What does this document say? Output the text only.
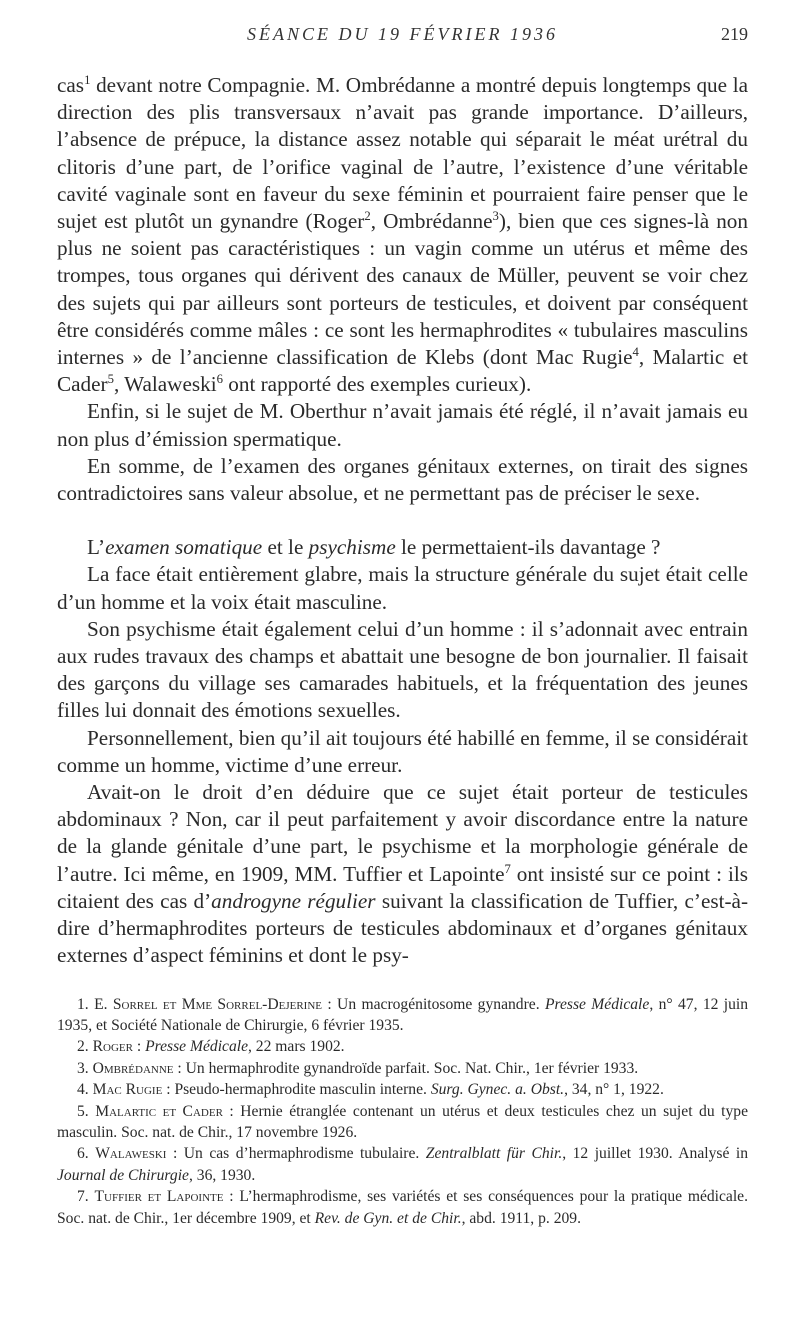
SÉANCE DU 19 FÉVRIER 1936	219

cas$^1$ devant notre Compagnie. M. Ombrédanne a montré depuis longtemps que la direction des plis transversaux n’avait pas grande importance. D’ailleurs, l’absence de prépuce, la distance assez notable qui séparait le méat urétral du clitoris d’une part, de l’orifice vaginal de l’autre, l’existence d’une véritable cavité vaginale sont en faveur du sexe féminin et pourraient faire penser que le sujet est plutôt un gynandre (Roger$^2$, Ombrédanne$^3$), bien que ces signes-là non plus ne soient pas caractéristiques : un vagin comme un utérus et même des trompes, tous organes qui dérivent des canaux de Müller, peuvent se voir chez des sujets qui par ailleurs sont porteurs de testicules, et doivent par conséquent être considérés comme mâles : ce sont les hermaphrodites « tubulaires masculins internes » de l’ancienne classification de Klebs (dont Mac Rugie$^4$, Malartic et Cader$^5$, Walaweski$^6$ ont rapporté des exemples curieux).

Enfin, si le sujet de M. Oberthur n’avait jamais été réglé, il n’avait jamais eu non plus d’émission spermatique.

En somme, de l’examen des organes génitaux externes, on tirait des signes contradictoires sans valeur absolue, et ne permettant pas de préciser le sexe.

L’examen somatique et le psychisme le permettaient-ils davantage ?

La face était entièrement glabre, mais la structure générale du sujet était celle d’un homme et la voix était masculine.

Son psychisme était également celui d’un homme : il s’adonnait avec entrain aux rudes travaux des champs et abattait une besogne de bon journalier. Il faisait des garçons du village ses camarades habituels, et la fréquentation des jeunes filles lui donnait des émotions sexuelles.

Personnellement, bien qu’il ait toujours été habillé en femme, il se considérait comme un homme, victime d’une erreur.

Avait-on le droit d’en déduire que ce sujet était porteur de testicules abdominaux ? Non, car il peut parfaitement y avoir discordance entre la nature de la glande génitale d’une part, le psychisme et la morphologie générale de l’autre. Ici même, en 1909, MM. Tuffier et Lapointe$^7$ ont insisté sur ce point : ils citaient des cas d’androgyne régulier suivant la classification de Tuffier, c’est-à-dire d’hermaphrodites porteurs de testicules abdominaux et d’organes génitaux externes d’aspect féminins et dont le psy-

1. E. Sorrel et Mme Sorrel-Dejerine : Un macrogénitosome gynandre. Presse Médicale, n° 47, 12 juin 1935, et Société Nationale de Chirurgie, 6 février 1935.

2. Roger : Presse Médicale, 22 mars 1902.

3. Ombrédanne : Un hermaphrodite gynandroïde parfait. Soc. Nat. Chir., 1er février 1933.

4. Mac Rugie : Pseudo-hermaphrodite masculin interne. Surg. Gynec. a. Obst., 34, n° 1, 1922.

5. Malartic et Cader : Hernie étranglée contenant un utérus et deux testicules chez un sujet du type masculin. Soc. nat. de Chir., 17 novembre 1926.

6. Walaweski : Un cas d’hermaphrodisme tubulaire. Zentralblatt für Chir., 12 juillet 1930. Analysé in Journal de Chirurgie, 36, 1930.

7. Tuffier et Lapointe : L’hermaphrodisme, ses variétés et ses conséquences pour la pratique médicale. Soc. nat. de Chir., 1er décembre 1909, et Rev. de Gyn. et de Chir., abd. 1911, p. 209.
